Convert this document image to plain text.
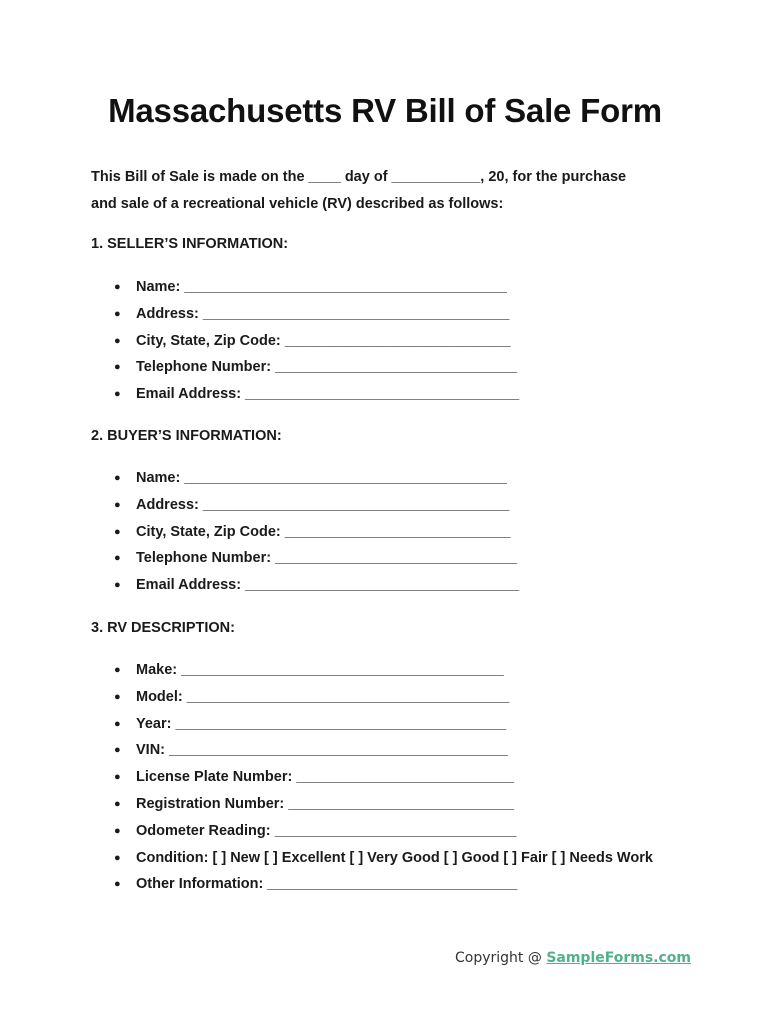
Massachusetts RV Bill of Sale Form

This Bill of Sale is made on the ____ day of ___________, 20, for the purchase
and sale of a recreational vehicle (RV) described as follows:

1. SELLER’S INFORMATION:
● Name: ________________________________________
● Address: ______________________________________
● City, State, Zip Code: ____________________________
● Telephone Number: ______________________________
● Email Address: __________________________________
2. BUYER’S INFORMATION:
● Name: ________________________________________
● Address: ______________________________________
● City, State, Zip Code: ____________________________
● Telephone Number: ______________________________
● Email Address: __________________________________
3. RV DESCRIPTION:
● Make: ________________________________________
● Model: ________________________________________
● Year: _________________________________________
● VIN: __________________________________________
● License Plate Number: ___________________________
● Registration Number: ____________________________
● Odometer Reading: ______________________________
● Condition: [ ] New [ ] Excellent [ ] Very Good [ ] Good [ ] Fair [ ] Needs Work
● Other Information: _______________________________
Copyright @ SampleForms.com
